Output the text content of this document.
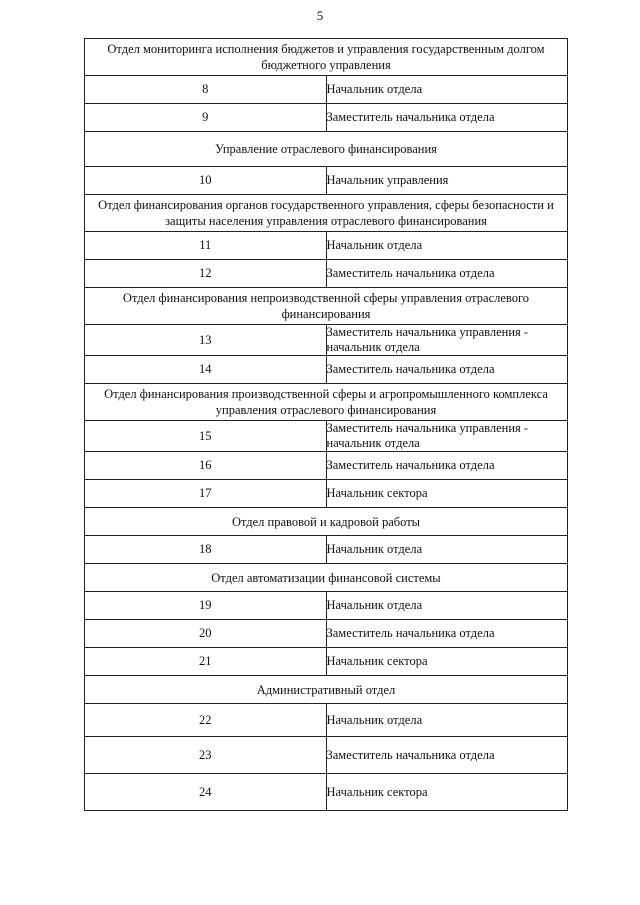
5
Отдел мониторинга исполнения бюджетов и управления государственным долгом бюджетного управления	
8	Начальник отдела
9	Заместитель начальника отдела
Управление отраслевого финансирования	
10	Начальник управления
Отдел финансирования органов государственного управления, сферы безопасности и защиты населения управления отраслевого финансирования	
11	Начальник отдела
12	Заместитель начальника отдела
Отдел финансирования непроизводственной сферы управления отраслевого финансирования	
13	Заместитель начальника управления - начальник отдела
14	Заместитель начальника отдела
Отдел финансирования производственной сферы и агропромышленного комплекса управления отраслевого финансирования	
15	Заместитель начальника управления - начальник отдела
16	Заместитель начальника отдела
17	Начальник сектора
Отдел правовой и кадровой работы	
18	Начальник отдела
Отдел автоматизации финансовой системы	
19	Начальник отдела
20	Заместитель начальника отдела
21	Начальник сектора
Административный отдел	
22	Начальник отдела
23	Заместитель начальника отдела
24	Начальник сектора
